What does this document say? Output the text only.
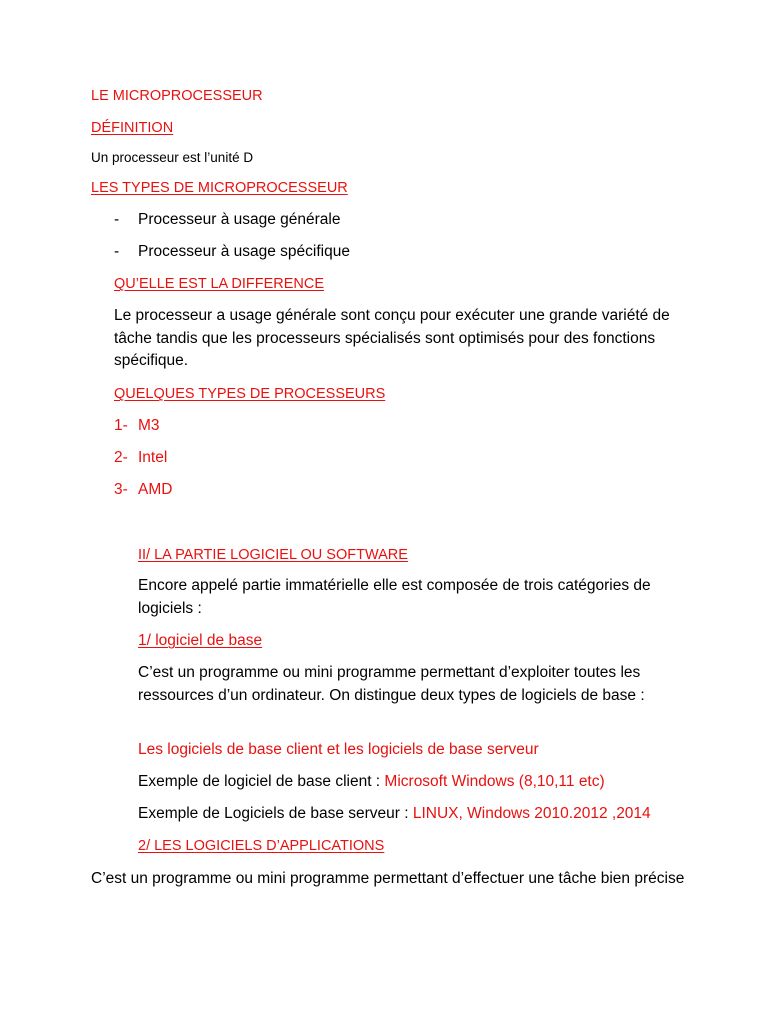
LE MICROPROCESSEUR
DÉFINITION
Un processeur est l’unité D
LES TYPES DE MICROPROCESSEUR
- Processeur à usage générale
- Processeur à usage spécifique
QU’ELLE EST LA DIFFERENCE
Le processeur a usage générale sont conçu pour exécuter une grande variété de tâche tandis que les processeurs spécialisés sont optimisés pour des fonctions spécifique.
QUELQUES TYPES DE PROCESSEURS
1- M3
2- Intel
3- AMD
II/ LA PARTIE LOGICIEL OU SOFTWARE
Encore appelé partie immatérielle elle est composée de trois catégories de logiciels :
1/ logiciel de base
C’est un programme ou mini programme permettant d’exploiter toutes les ressources d’un ordinateur. On distingue deux types de logiciels de base :
Les logiciels de base client et les logiciels de base serveur
Exemple de logiciel de base client : Microsoft Windows (8,10,11 etc)
Exemple de Logiciels de base serveur : LINUX, Windows 2010.2012 ,2014
2/ LES LOGICIELS D’APPLICATIONS
C’est un programme ou mini programme permettant d’effectuer une tâche bien précise
